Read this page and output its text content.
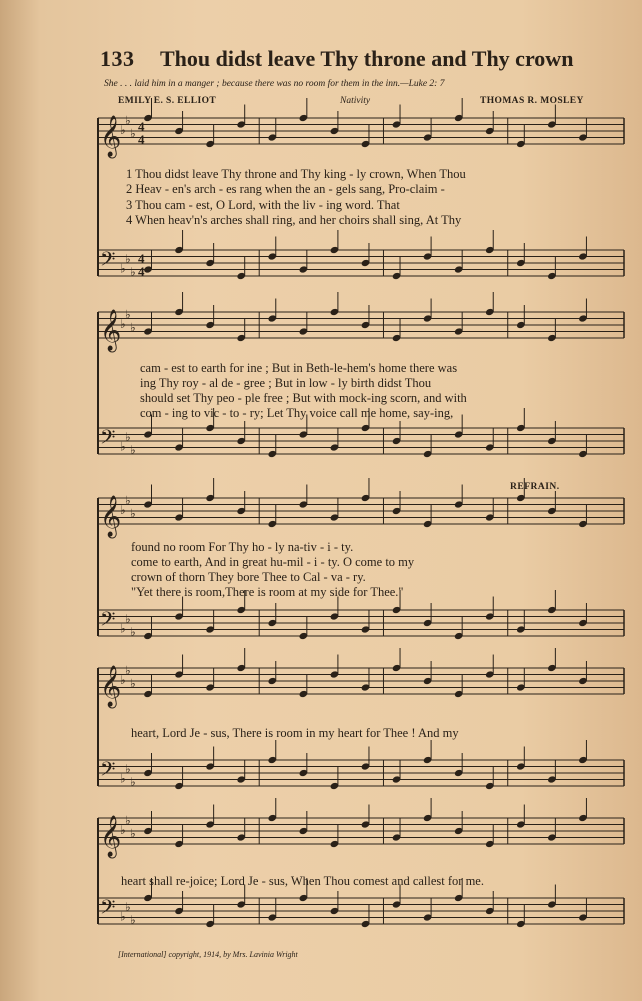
133 Thou didst leave Thy throne and Thy crown
She . . . laid him in a manger ; because there was no room for them in the inn.—Luke 2: 7
EMILY E. S. ELLIOT	Nativity	THOMAS R. MOSLEY
REFRAIN.
𝄞
♭
♭
♭
𝄢 ♭
♭
♭
𝄞
♭
♭
♭
𝄢 ♭
♭
♭
𝄞
♭
♭
♭
𝄢 ♭
♭
♭
𝄞
♭
♭
♭
𝄢 ♭
♭
♭
𝄞
♭
♭
♭
𝄢 ♭
♭
♭
4
4
4
4
1 Thou didst leave Thy throne and Thy king - ly crown, When Thou
2 Heav - en's arch - es rang when the an - gels sang, Pro-claim -
3 Thou cam - est, O Lord, with the liv - ing word. That
4 When heav'n's arches shall ring, and her choirs shall sing, At Thy
cam - est to earth for ine ; But in Beth-le-hem's home there was
ing Thy roy - al de - gree ; But in low - ly birth didst Thou
should set Thy peo - ple free ; But with mock-ing scorn, and with
com - ing to vic - to - ry; Let Thy voice call me home, say-ing,
found no room For Thy ho - ly na-tiv - i - ty.
come to earth, And in great hu-mil - i - ty. O come to my
crown of thorn They bore Thee to Cal - va - ry.
"Yet there is room,There is room at my side for Thee."
heart, Lord Je - sus, There is room in my heart for Thee ! And my
heart shall re-joice; Lord Je - sus, When Thou comest and callest for me.
[International] copyright, 1914, by Mrs. Lavinia Wright
